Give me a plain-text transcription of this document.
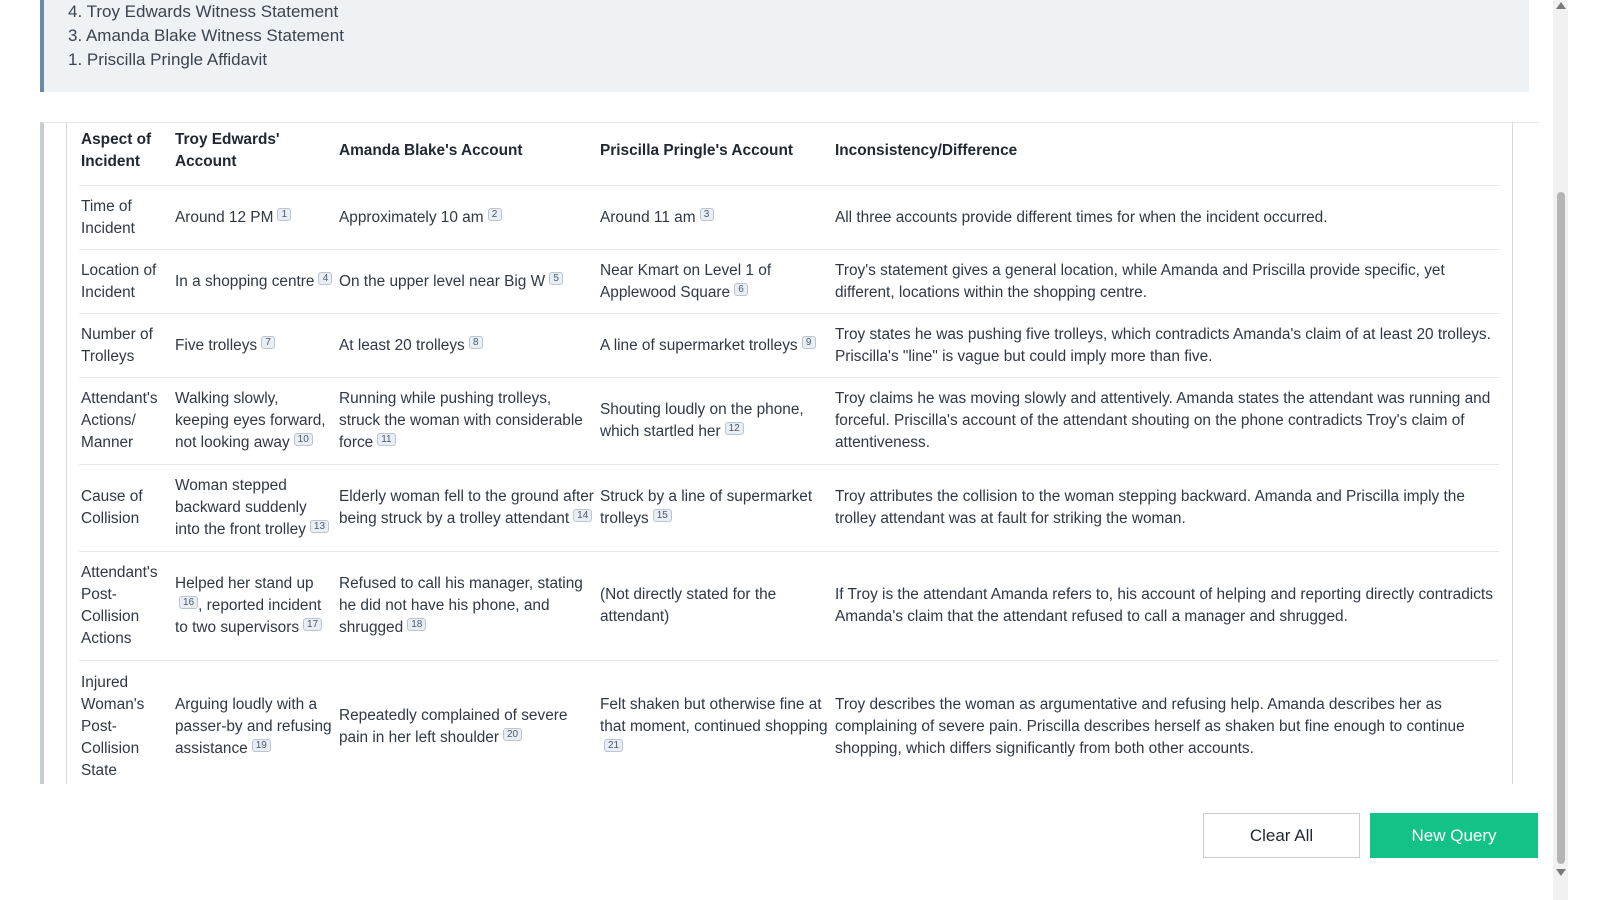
4. Troy Edwards Witness Statement
3. Amanda Blake Witness Statement
1. Priscilla Pringle Affidavit
Aspect of Incident	Troy Edwards' Account	Amanda Blake's Account	Priscilla Pringle's Account	Inconsistency/Difference
Time of Incident	Around 12 PM 1	Approximately 10 am 2	Around 11 am 3	All three accounts provide different times for when the incident occurred.
Location of Incident	In a shopping centre 4	On the upper level near Big W 5	Near Kmart on Level 1 of Applewood Square 6	Troy's statement gives a general location, while Amanda and Priscilla provide specific, yet different, locations within the shopping centre.
Number of Trolleys	Five trolleys 7	At least 20 trolleys 8	A line of supermarket trolleys 9	Troy states he was pushing five trolleys, which contradicts Amanda's claim of at least 20 trolleys. Priscilla's "line" is vague but could imply more than five.
Attendant's Actions/ Manner	Walking slowly, keeping eyes forward, not looking away 10	Running while pushing trolleys, struck the woman with considerable force 11	Shouting loudly on the phone, which startled her 12	Troy claims he was moving slowly and attentively. Amanda states the attendant was running and forceful. Priscilla's account of the attendant shouting on the phone contradicts Troy's claim of attentiveness.
Cause of Collision	Woman stepped backward suddenly into the front trolley 13	Elderly woman fell to the ground after being struck by a trolley attendant 14	Struck by a line of supermarket trolleys 15	Troy attributes the collision to the woman stepping backward. Amanda and Priscilla imply the trolley attendant was at fault for striking the woman.
Attendant's Post-Collision Actions	Helped her stand up16 , reported incident to two supervisors 17	Refused to call his manager, stating he did not have his phone, and shrugged 18	(Not directly stated for the attendant)	If Troy is the attendant Amanda refers to, his account of helping and reporting directly contradicts Amanda's claim that the attendant refused to call a manager and shrugged.
Injured Woman's Post-Collision State	Arguing loudly with a passer-by and refusing assistance 19	Repeatedly complained of severe pain in her left shoulder 20	Felt shaken but otherwise fine at that moment, continued shopping21	Troy describes the woman as argumentative and refusing help. Amanda describes her as complaining of severe pain. Priscilla describes herself as shaken but fine enough to continue shopping, which differs significantly from both other accounts.
Clear All	New Query
